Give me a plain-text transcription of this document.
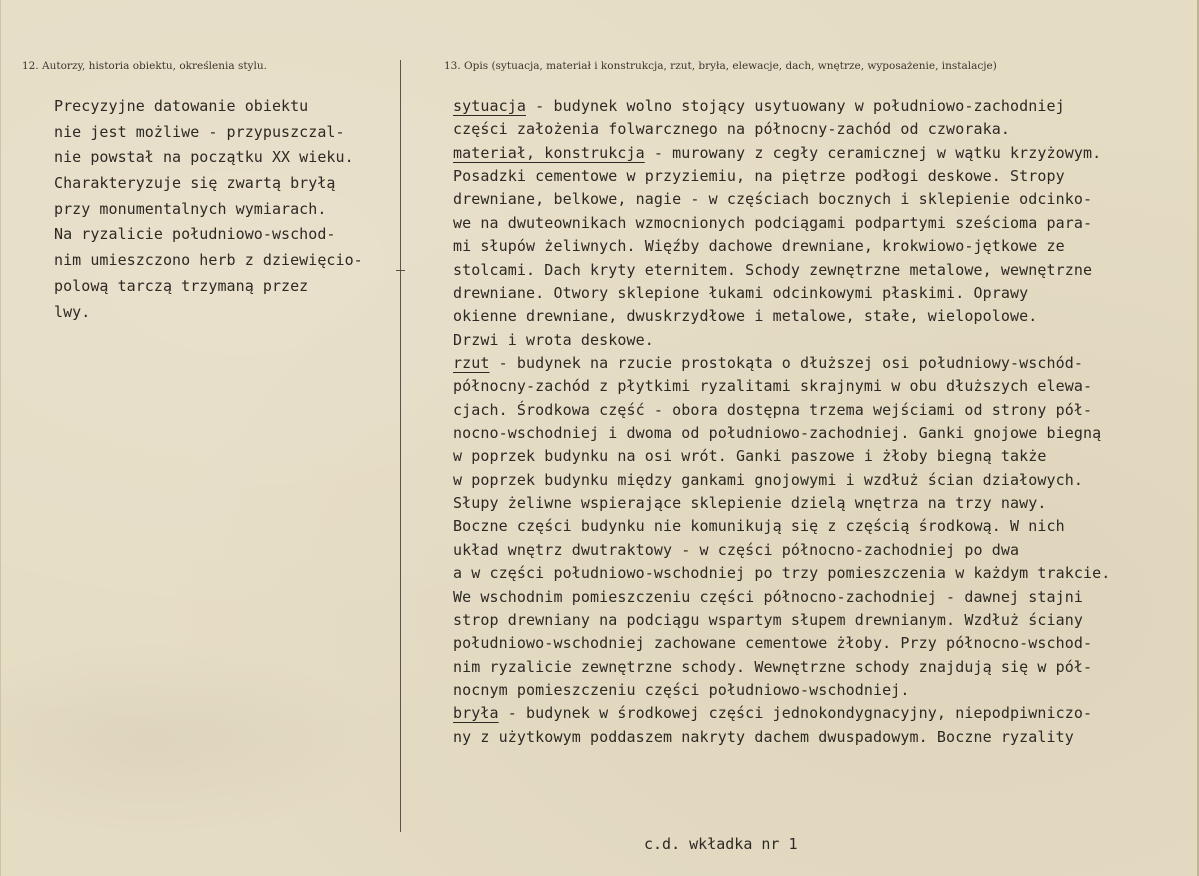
12. Autorzy, historia obiektu, określenia stylu.	13. Opis (sytuacja, materiał i konstrukcja, rzut, bryła, elewacje, dach, wnętrze, wyposażenie, instalacje)
Precyzyjne datowanie obiektu
nie jest możliwe - przypuszczal-
nie powstał na początku XX wieku.
Charakteryzuje się zwartą bryłą
przy monumentalnych wymiarach.
Na ryzalicie południowo-wschod-
nim umieszczono herb z dziewięcio-
polową tarczą trzymaną przez
lwy.
sytuacja - budynek wolno stojący usytuowany w południowo-zachodniej
części założenia folwarcznego na północny-zachód od czworaka.
materiał, konstrukcja - murowany z cegły ceramicznej w wątku krzyżowym.
Posadzki cementowe w przyziemiu, na piętrze podłogi deskowe. Stropy
drewniane, belkowe, nagie - w częściach bocznych i sklepienie odcinko-
we na dwuteownikach wzmocnionych podciągami podpartymi sześcioma para-
mi słupów żeliwnych. Więźby dachowe drewniane, krokwiowo-jętkowe ze
stolcami. Dach kryty eternitem. Schody zewnętrzne metalowe, wewnętrzne
drewniane. Otwory sklepione łukami odcinkowymi płaskimi. Oprawy
okienne drewniane, dwuskrzydłowe i metalowe, stałe, wielopolowe.
Drzwi i wrota deskowe.
rzut - budynek na rzucie prostokąta o dłuższej osi południowy-wschód-
północny-zachód z płytkimi ryzalitami skrajnymi w obu dłuższych elewa-
cjach. Środkowa część - obora dostępna trzema wejściami od strony pół-
nocno-wschodniej i dwoma od południowo-zachodniej. Ganki gnojowe biegną
w poprzek budynku na osi wrót. Ganki paszowe i żłoby biegną także
w poprzek budynku między gankami gnojowymi i wzdłuż ścian działowych.
Słupy żeliwne wspierające sklepienie dzielą wnętrza na trzy nawy.
Boczne części budynku nie komunikują się z częścią środkową. W nich
układ wnętrz dwutraktowy - w części północno-zachodniej po dwa
a w części południowo-wschodniej po trzy pomieszczenia w każdym trakcie.
We wschodnim pomieszczeniu części północno-zachodniej - dawnej stajni
strop drewniany na podciągu wspartym słupem drewnianym. Wzdłuż ściany
południowo-wschodniej zachowane cementowe żłoby. Przy północno-wschod-
nim ryzalicie zewnętrzne schody. Wewnętrzne schody znajdują się w pół-
nocnym pomieszczeniu części południowo-wschodniej.
bryła - budynek w środkowej części jednokondygnacyjny, niepodpiwniczo-
ny z użytkowym poddaszem nakryty dachem dwuspadowym. Boczne ryzality
c.d. wkładka nr 1
